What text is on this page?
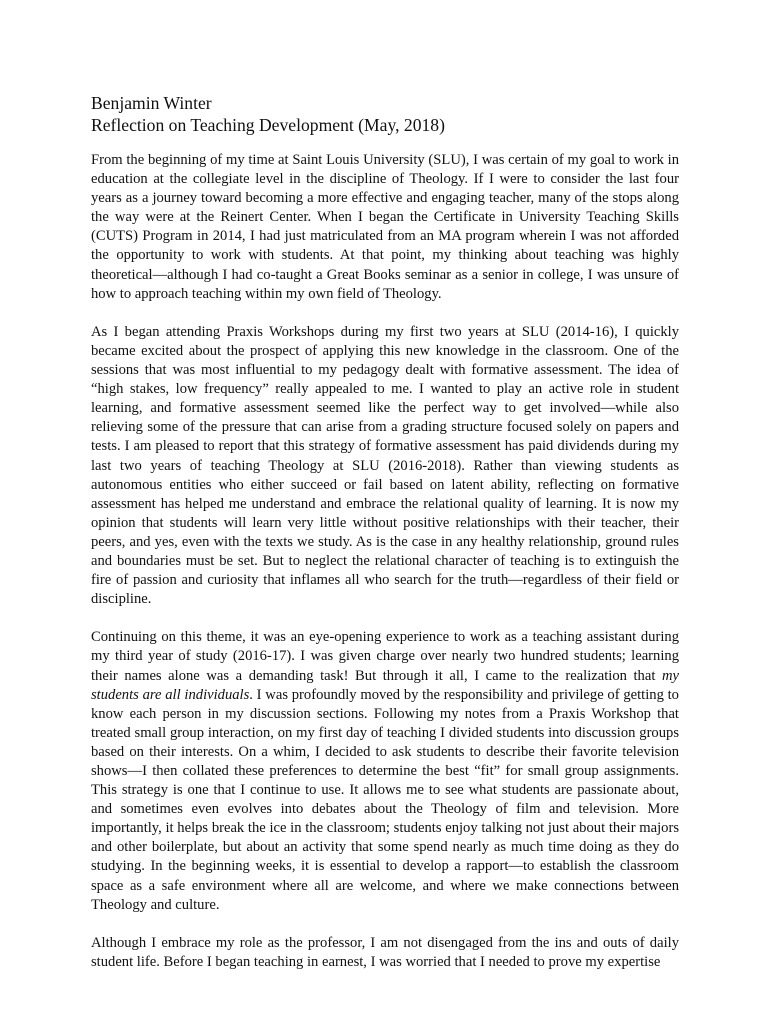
Benjamin Winter
Reflection on Teaching Development (May, 2018)

From the beginning of my time at Saint Louis University (SLU), I was certain of my goal to work in education at the collegiate level in the discipline of Theology. If I were to consider the last four years as a journey toward becoming a more effective and engaging teacher, many of the stops along the way were at the Reinert Center. When I began the Certificate in University Teaching Skills (CUTS) Program in 2014, I had just matriculated from an MA program wherein I was not afforded the opportunity to work with students. At that point, my thinking about teaching was highly theoretical—although I had co-taught a Great Books seminar as a senior in college, I was unsure of how to approach teaching within my own field of Theology.

As I began attending Praxis Workshops during my first two years at SLU (2014-16), I quickly became excited about the prospect of applying this new knowledge in the classroom. One of the sessions that was most influential to my pedagogy dealt with formative assessment. The idea of “high stakes, low frequency” really appealed to me. I wanted to play an active role in student learning, and formative assessment seemed like the perfect way to get involved—while also relieving some of the pressure that can arise from a grading structure focused solely on papers and tests. I am pleased to report that this strategy of formative assessment has paid dividends during my last two years of teaching Theology at SLU (2016-2018). Rather than viewing students as autonomous entities who either succeed or fail based on latent ability, reflecting on formative assessment has helped me understand and embrace the relational quality of learning. It is now my opinion that students will learn very little without positive relationships with their teacher, their peers, and yes, even with the texts we study. As is the case in any healthy relationship, ground rules and boundaries must be set. But to neglect the relational character of teaching is to extinguish the fire of passion and curiosity that inflames all who search for the truth—regardless of their field or discipline.

Continuing on this theme, it was an eye-opening experience to work as a teaching assistant during my third year of study (2016-17). I was given charge over nearly two hundred students; learning their names alone was a demanding task! But through it all, I came to the realization that my students are all individuals. I was profoundly moved by the responsibility and privilege of getting to know each person in my discussion sections. Following my notes from a Praxis Workshop that treated small group interaction, on my first day of teaching I divided students into discussion groups based on their interests. On a whim, I decided to ask students to describe their favorite television shows—I then collated these preferences to determine the best “fit” for small group assignments. This strategy is one that I continue to use. It allows me to see what students are passionate about, and sometimes even evolves into debates about the Theology of film and television. More importantly, it helps break the ice in the classroom; students enjoy talking not just about their majors and other boilerplate, but about an activity that some spend nearly as much time doing as they do studying. In the beginning weeks, it is essential to develop a rapport—to establish the classroom space as a safe environment where all are welcome, and where we make connections between Theology and culture.

Although I embrace my role as the professor, I am not disengaged from the ins and outs of daily student life. Before I began teaching in earnest, I was worried that I needed to prove my expertise
